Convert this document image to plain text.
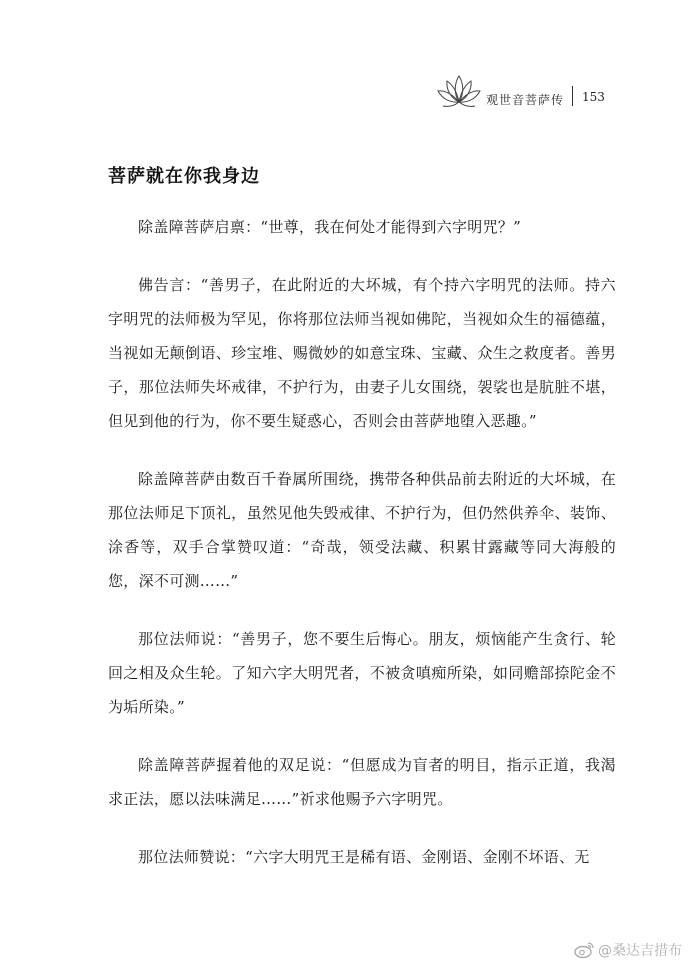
观世音菩萨传 153
菩萨就在你我身边

除盖障菩萨启禀：“世尊，我在何处才能得到六字明咒？”

佛告言：“善男子，在此附近的大坏城，有个持六字明咒的法师。持六字明咒的法师极为罕见，你将那位法师当视如佛陀，当视如众生的福德蕴，当视如无颠倒语、珍宝堆、赐微妙的如意宝珠、宝藏、众生之救度者。善男子，那位法师失坏戒律，不护行为，由妻子儿女围绕，袈裟也是肮脏不堪，但见到他的行为，你不要生疑惑心，否则会由菩萨地堕入恶趣。”

除盖障菩萨由数百千眷属所围绕，携带各种供品前去附近的大坏城，在那位法师足下顶礼，虽然见他失毁戒律、不护行为，但仍然供养伞、装饰、涂香等，双手合掌赞叹道：“奇哉，领受法藏、积累甘露藏等同大海般的您，深不可测……”

那位法师说：“善男子，您不要生后悔心。朋友，烦恼能产生贪行、轮回之相及众生轮。了知六字大明咒者，不被贪嗔痴所染，如同赡部捺陀金不为垢所染。”

除盖障菩萨握着他的双足说：“但愿成为盲者的明目，指示正道，我渴求正法，愿以法味满足……”祈求他赐予六字明咒。

那位法师赞说：“六字大明咒王是稀有语、金刚语、金刚不坏语、无

@桑达吉措布
